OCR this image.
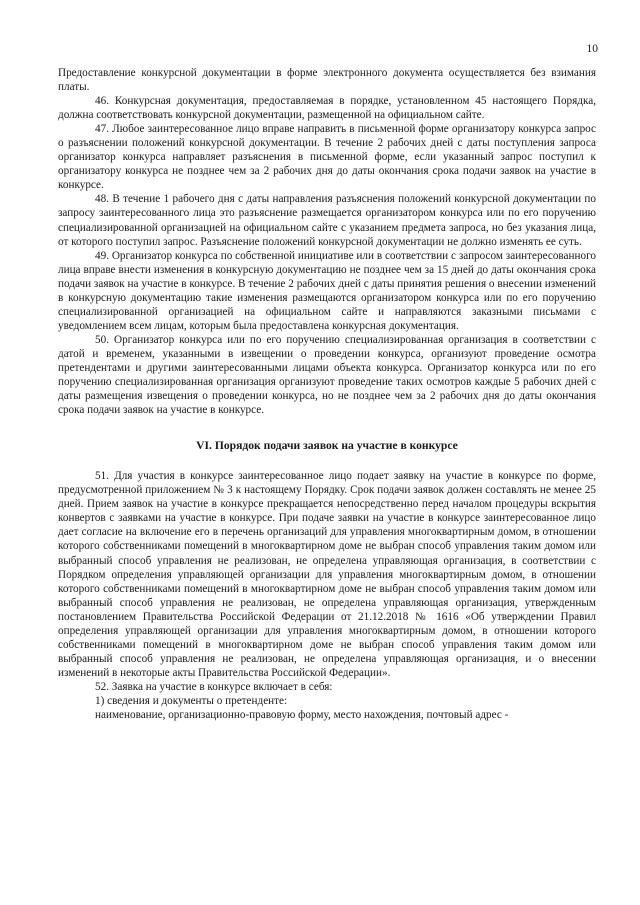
10

Предоставление конкурсной документации в форме электронного документа осуществляется без взимания платы.

46. Конкурсная документация, предоставляемая в порядке, установленном 45 настоящего Порядка, должна соответствовать конкурсной документации, размещенной на официальном сайте.

47. Любое заинтересованное лицо вправе направить в письменной форме организатору конкурса запрос о разъяснении положений конкурсной документации. В течение 2 рабочих дней с даты поступления запроса организатор конкурса направляет разъяснения в письменной форме, если указанный запрос поступил к организатору конкурса не позднее чем за 2 рабочих дня до даты окончания срока подачи заявок на участие в конкурсе.

48. В течение 1 рабочего дня с даты направления разъяснения положений конкурсной документации по запросу заинтересованного лица это разъяснение размещается организатором конкурса или по его поручению специализированной организацией на официальном сайте с указанием предмета запроса, но без указания лица, от которого поступил запрос. Разъяснение положений конкурсной документации не должно изменять ее суть.

49. Организатор конкурса по собственной инициативе или в соответствии с запросом заинтересованного лица вправе внести изменения в конкурсную документацию не позднее чем за 15 дней до даты окончания срока подачи заявок на участие в конкурсе. В течение 2 рабочих дней с даты принятия решения о внесении изменений в конкурсную документацию такие изменения размещаются организатором конкурса или по его поручению специализированной организацией на официальном сайте и направляются заказными письмами с уведомлением всем лицам, которым была предоставлена конкурсная документация.

50. Организатор конкурса или по его поручению специализированная организация в соответствии с датой и временем, указанными в извещении о проведении конкурса, организуют проведение осмотра претендентами и другими заинтересованными лицами объекта конкурса. Организатор конкурса или по его поручению специализированная организация организуют проведение таких осмотров каждые 5 рабочих дней с даты размещения извещения о проведении конкурса, но не позднее чем за 2 рабочих дня до даты окончания срока подачи заявок на участие в конкурсе.

VI. Порядок подачи заявок на участие в конкурсе

51. Для участия в конкурсе заинтересованное лицо подает заявку на участие в конкурсе по форме, предусмотренной приложением № 3 к настоящему Порядку. Срок подачи заявок должен составлять не менее 25 дней. Прием заявок на участие в конкурсе прекращается непосредственно перед началом процедуры вскрытия конвертов с заявками на участие в конкурсе. При подаче заявки на участие в конкурсе заинтересованное лицо дает согласие на включение его в перечень организаций для управления многоквартирным домом, в отношении которого собственниками помещений в многоквартирном доме не выбран способ управления таким домом или выбранный способ управления не реализован, не определена управляющая организация, в соответствии с Порядком определения управляющей организации для управления многоквартирным домом, в отношении которого собственниками помещений в многоквартирном доме не выбран способ управления таким домом или выбранный способ управления не реализован, не определена управляющая организация, утвержденным постановлением Правительства Российской Федерации от 21.12.2018 № 1616 «Об утверждении Правил определения управляющей организации для управления многоквартирным домом, в отношении которого собственниками помещений в многоквартирном доме не выбран способ управления таким домом или выбранный способ управления не реализован, не определена управляющая организация, и о внесении изменений в некоторые акты Правительства Российской Федерации».

52. Заявка на участие в конкурсе включает в себя:

1) сведения и документы о претенденте:

наименование, организационно-правовую форму, место нахождения, почтовый адрес -
